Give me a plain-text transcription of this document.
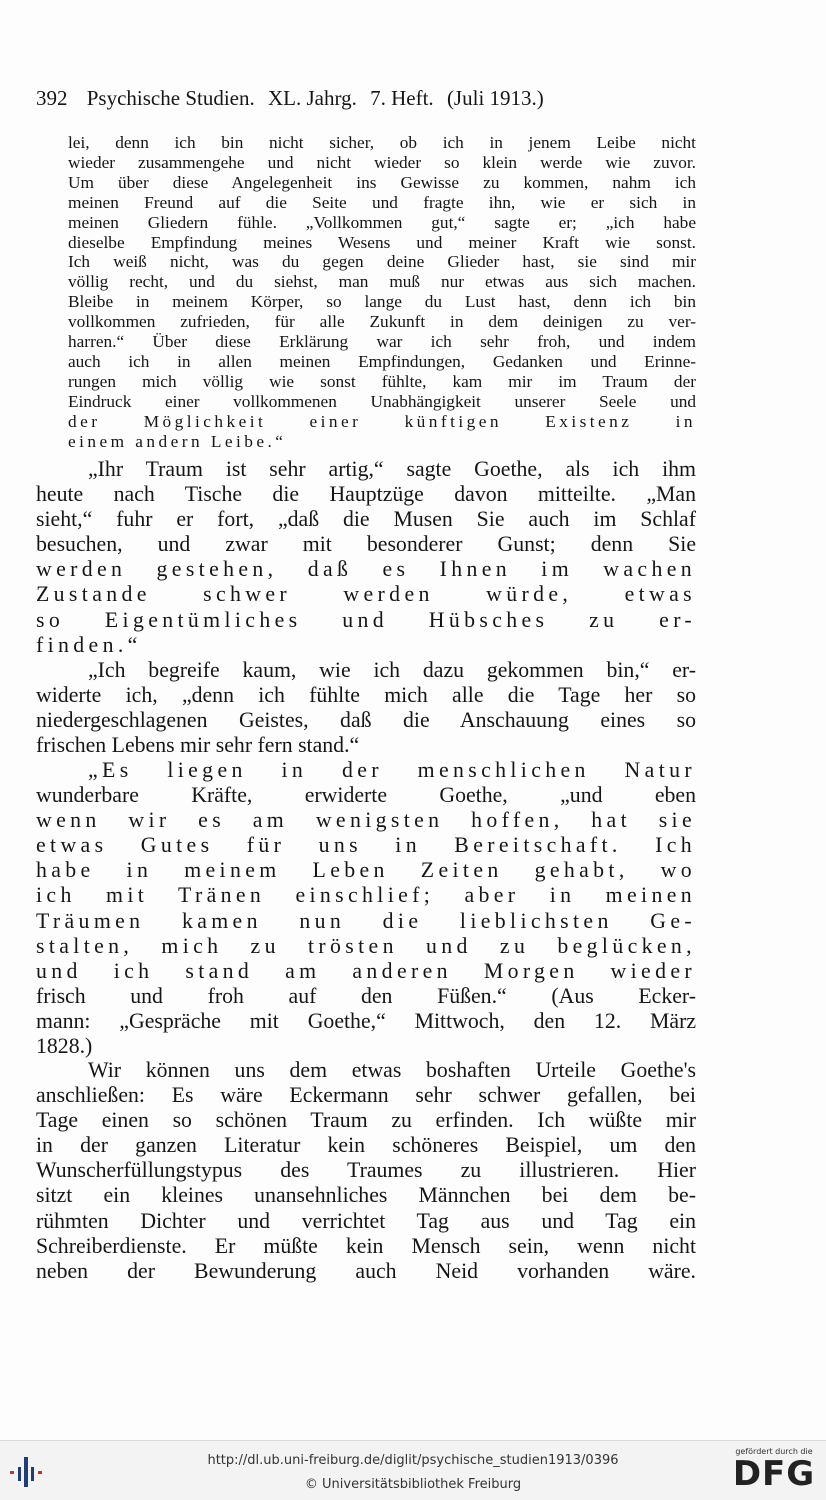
392 Psychische Studien. XL. Jahrg. 7. Heft. (Juli 1913.)
lei, denn ich bin nicht sicher, ob ich in jenem Leibe nicht
wieder zusammengehe und nicht wieder so klein werde wie zuvor.
Um über diese Angelegenheit ins Gewisse zu kommen, nahm ich
meinen Freund auf die Seite und fragte ihn, wie er sich in
meinen Gliedern fühle. „Vollkommen gut,“ sagte er; „ich habe
dieselbe Empfindung meines Wesens und meiner Kraft wie sonst.
Ich weiß nicht, was du gegen deine Glieder hast, sie sind mir
völlig recht, und du siehst, man muß nur etwas aus sich machen.
Bleibe in meinem Körper, so lange du Lust hast, denn ich bin
vollkommen zufrieden, für alle Zukunft in dem deinigen zu ver-
harren.“ Über diese Erklärung war ich sehr froh, und indem
auch ich in allen meinen Empfindungen, Gedanken und Erinne-
rungen mich völlig wie sonst fühlte, kam mir im Traum der
Eindruck einer vollkommenen Unabhängigkeit unserer Seele und
der Möglichkeit einer künftigen Existenz in
einem andern Leibe.“
„Ihr Traum ist sehr artig,“ sagte Goethe, als ich ihm
heute nach Tische die Hauptzüge davon mitteilte. „Man
sieht,“ fuhr er fort, „daß die Musen Sie auch im Schlaf
besuchen, und zwar mit besonderer Gunst; denn Sie
werden gestehen, daß es Ihnen im wachen
Zustande schwer werden würde, etwas
so Eigentümliches und Hübsches zu er-
finden.“
„Ich begreife kaum, wie ich dazu gekommen bin,“ er-
widerte ich, „denn ich fühlte mich alle die Tage her so
niedergeschlagenen Geistes, daß die Anschauung eines so
frischen Lebens mir sehr fern stand.“
„Es liegen in der menschlichen Natur
wunderbare Kräfte, erwiderte Goethe, „und eben
wenn wir es am wenigsten hoffen, hat sie
etwas Gutes für uns in Bereitschaft. Ich
habe in meinem Leben Zeiten gehabt, wo
ich mit Tränen einschlief; aber in meinen
Träumen kamen nun die lieblichsten Ge-
stalten, mich zu trösten und zu beglücken,
und ich stand am anderen Morgen wieder
frisch und froh auf den Füßen.“ (Aus Ecker-
mann: „Gespräche mit Goethe,“ Mittwoch, den 12. März
1828.)
Wir können uns dem etwas boshaften Urteile Goethe's
anschließen: Es wäre Eckermann sehr schwer gefallen, bei
Tage einen so schönen Traum zu erfinden. Ich wüßte mir
in der ganzen Literatur kein schöneres Beispiel, um den
Wunscherfüllungstypus des Traumes zu illustrieren. Hier
sitzt ein kleines unansehnliches Männchen bei dem be-
rühmten Dichter und verrichtet Tag aus und Tag ein
Schreiberdienste. Er müßte kein Mensch sein, wenn nicht
neben der Bewunderung auch Neid vorhanden wäre.
http://dl.ub.uni-freiburg.de/diglit/psychische_studien1913/0396
© Universitätsbibliothek Freiburg
gefördert durch die
DFG
